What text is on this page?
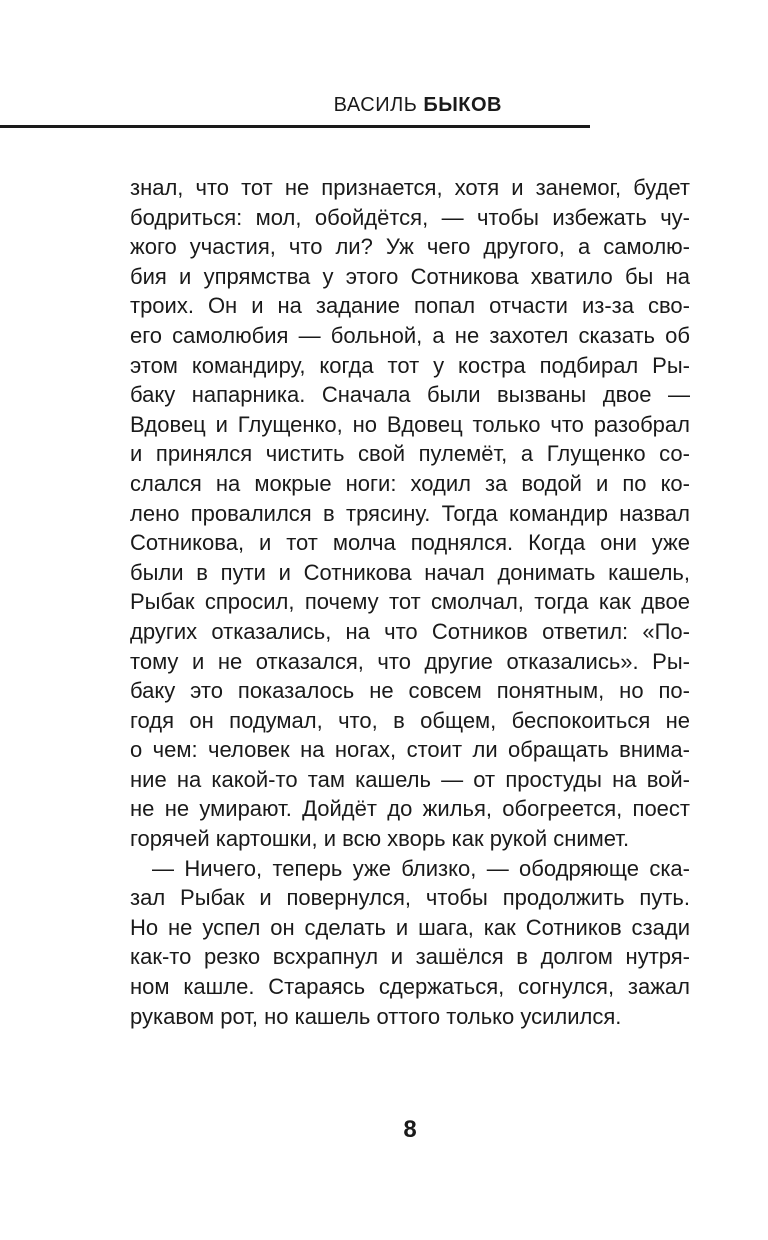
ВАСИЛЬ БЫКОВ
знал, что тот не признается, хотя и занемог, будет
бодриться: мол, обойдётся, — чтобы избежать чу-
жого участия, что ли? Уж чего другого, а самолю-
бия и упрямства у этого Сотникова хватило бы на
троих. Он и на задание попал отчасти из-за сво-
его самолюбия — больной, а не захотел сказать об
этом командиру, когда тот у костра подбирал Ры-
баку напарника. Сначала были вызваны двое —
Вдовец и Глущенко, но Вдовец только что разобрал
и принялся чистить свой пулемёт, а Глущенко со-
слался на мокрые ноги: ходил за водой и по ко-
лено провалился в трясину. Тогда командир назвал
Сотникова, и тот молча поднялся. Когда они уже
были в пути и Сотникова начал донимать кашель,
Рыбак спросил, почему тот смолчал, тогда как двое
других отказались, на что Сотников ответил: «По-
тому и не отказался, что другие отказались». Ры-
баку это показалось не совсем понятным, но по-
годя он подумал, что, в общем, беспокоиться не
о чем: человек на ногах, стоит ли обращать внима-
ние на какой-то там кашель — от простуды на вой-
не не умирают. Дойдёт до жилья, обогреется, поест
горячей картошки, и всю хворь как рукой снимет.
— Ничего, теперь уже близко, — ободряюще ска-
зал Рыбак и повернулся, чтобы продолжить путь.
Но не успел он сделать и шага, как Сотников сзади
как-то резко всхрапнул и зашёлся в долгом нутря-
ном кашле. Стараясь сдержаться, согнулся, зажал
рукавом рот, но кашель оттого только усилился.
8
